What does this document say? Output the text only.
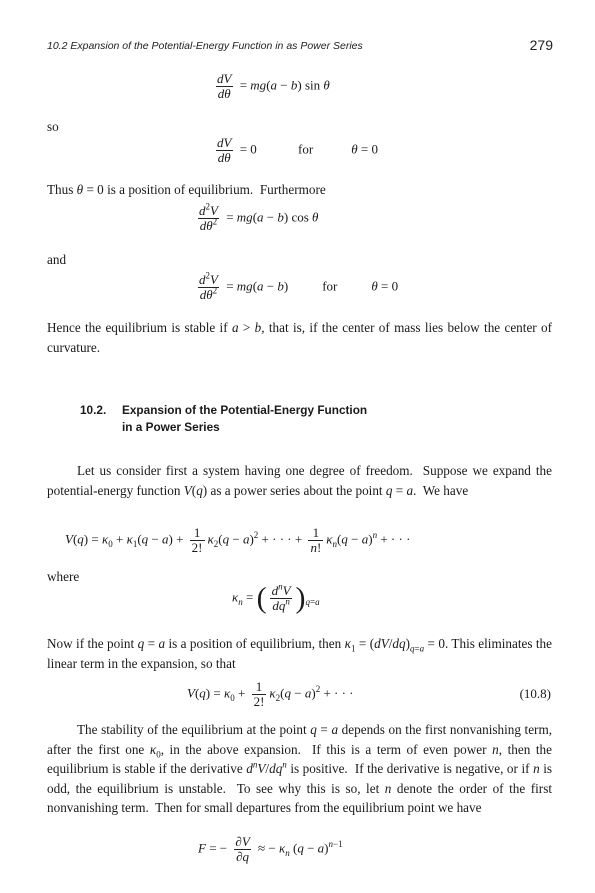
10.2 Expansion of the Potential-Energy Function in as Power Series	279
$\frac{dV}{d\theta} = mg(a - b)$ sin θ
so
$\frac{dV}{d\theta} = 0$	for	θ = 0
Thus θ = 0 is a position of equilibrium.  Furthermore
$\frac{d^2V}{d\theta^2} = mg(a - b)$ cos θ
and
$\frac{d^2V}{d\theta^2} = mg(a - b)$	for	θ = 0
Hence the equilibrium is stable if a > b, that is, if the center of mass lies below the center of curvature.
10.2. Expansion of the Potential-Energy Function
in a Power Series
Let us consider first a system having one degree of freedom.  Suppose we expand the potential-energy function V(q) as a power series about the point q = a.  We have
$V(q) = \kappa_0 + \kappa_1(q - a) + \frac{1}{2!} \kappa_2(q - a)^2$ + · · · + $\frac{1}{n!} \kappa_n(q - a)^n$ + · · ·
where
$\kappa_n$ = ( $\frac{d^nV}{dq^n} )_{q=a}$
Now if the point q = a is a position of equilibrium, then $\kappa_1 = (dV/dq)_{q=a} = 0$. This eliminates the linear term in the expansion, so that
$V(q) = \kappa_0 + \frac{1}{2!} \kappa_2(q - a)^2$ + · · ·	(10.8)
The stability of the equilibrium at the point q = a depends on the first nonvanishing term, after the first one $\kappa_0$, in the above expansion.  If this is a term of even power n, then the equilibrium is stable if the derivative $d^nV/dq^n$ is positive.  If the derivative is negative, or if n is odd, the equilibrium is unstable.  To see why this is so, let n denote the order of the first nonvanishing term.  Then for small departures from the equilibrium point we have
F = − $\frac{\partial V}{\partial q}$ ≈ − $\kappa_n$ $(q - a)^{n-1}$
